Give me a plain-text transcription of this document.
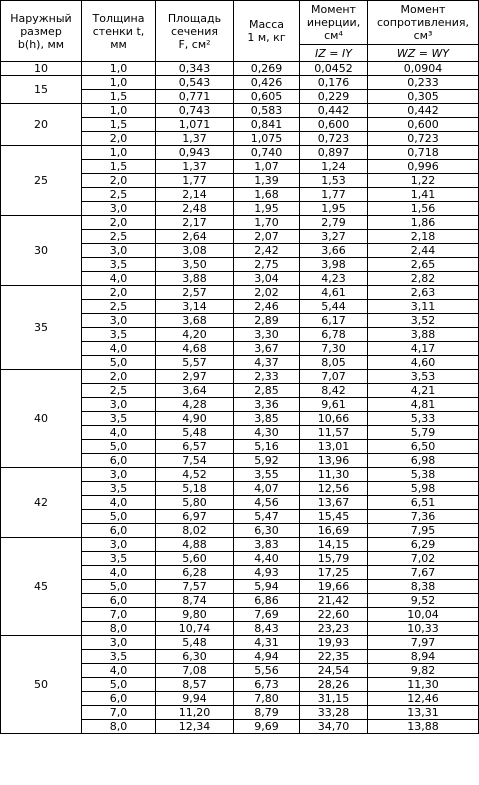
Наружный
размер
b(h), мм	Толщина
стенки t,
мм	Площадь
сечения
F, см²	Масса
1 м, кг	Момент
инерции,
см⁴	Момент
сопротивления,
см³

				IZ = IY	WZ = WY
10	1,0	0,343	0,269	0,0452	0,0904
15	1,0	0,543	0,426	0,176	0,233
	1,5	0,771	0,605	0,229	0,305
20	1,0	0,743	0,583	0,442	0,442
	1,5	1,071	0,841	0,600	0,600
	2,0	1,37	1,075	0,723	0,723
25	1,0	0,943	0,740	0,897	0,718
	1,5	1,37	1,07	1,24	0,996
	2,0	1,77	1,39	1,53	1,22
	2,5	2,14	1,68	1,77	1,41
	3,0	2,48	1,95	1,95	1,56
30	2,0	2,17	1,70	2,79	1,86
	2,5	2,64	2,07	3,27	2,18
	3,0	3,08	2,42	3,66	2,44
	3,5	3,50	2,75	3,98	2,65
	4,0	3,88	3,04	4,23	2,82
35	2,0	2,57	2,02	4,61	2,63
	2,5	3,14	2,46	5,44	3,11
	3,0	3,68	2,89	6,17	3,52
	3,5	4,20	3,30	6,78	3,88
	4,0	4,68	3,67	7,30	4,17
	5,0	5,57	4,37	8,05	4,60
40	2,0	2,97	2,33	7,07	3,53
	2,5	3,64	2,85	8,42	4,21
	3,0	4,28	3,36	9,61	4,81
	3,5	4,90	3,85	10,66	5,33
	4,0	5,48	4,30	11,57	5,79
	5,0	6,57	5,16	13,01	6,50
	6,0	7,54	5,92	13,96	6,98
42	3,0	4,52	3,55	11,30	5,38
	3,5	5,18	4,07	12,56	5,98
	4,0	5,80	4,56	13,67	6,51
	5,0	6,97	5,47	15,45	7,36
	6,0	8,02	6,30	16,69	7,95
45	3,0	4,88	3,83	14,15	6,29
	3,5	5,60	4,40	15,79	7,02
	4,0	6,28	4,93	17,25	7,67
	5,0	7,57	5,94	19,66	8,38
	6,0	8,74	6,86	21,42	9,52
	7,0	9,80	7,69	22,60	10,04
	8,0	10,74	8,43	23,23	10,33
50	3,0	5,48	4,31	19,93	7,97
	3,5	6,30	4,94	22,35	8,94
	4,0	7,08	5,56	24,54	9,82
	5,0	8,57	6,73	28,26	11,30
	6,0	9,94	7,80	31,15	12,46
	7,0	11,20	8,79	33,28	13,31
	8,0	12,34	9,69	34,70	13,88
